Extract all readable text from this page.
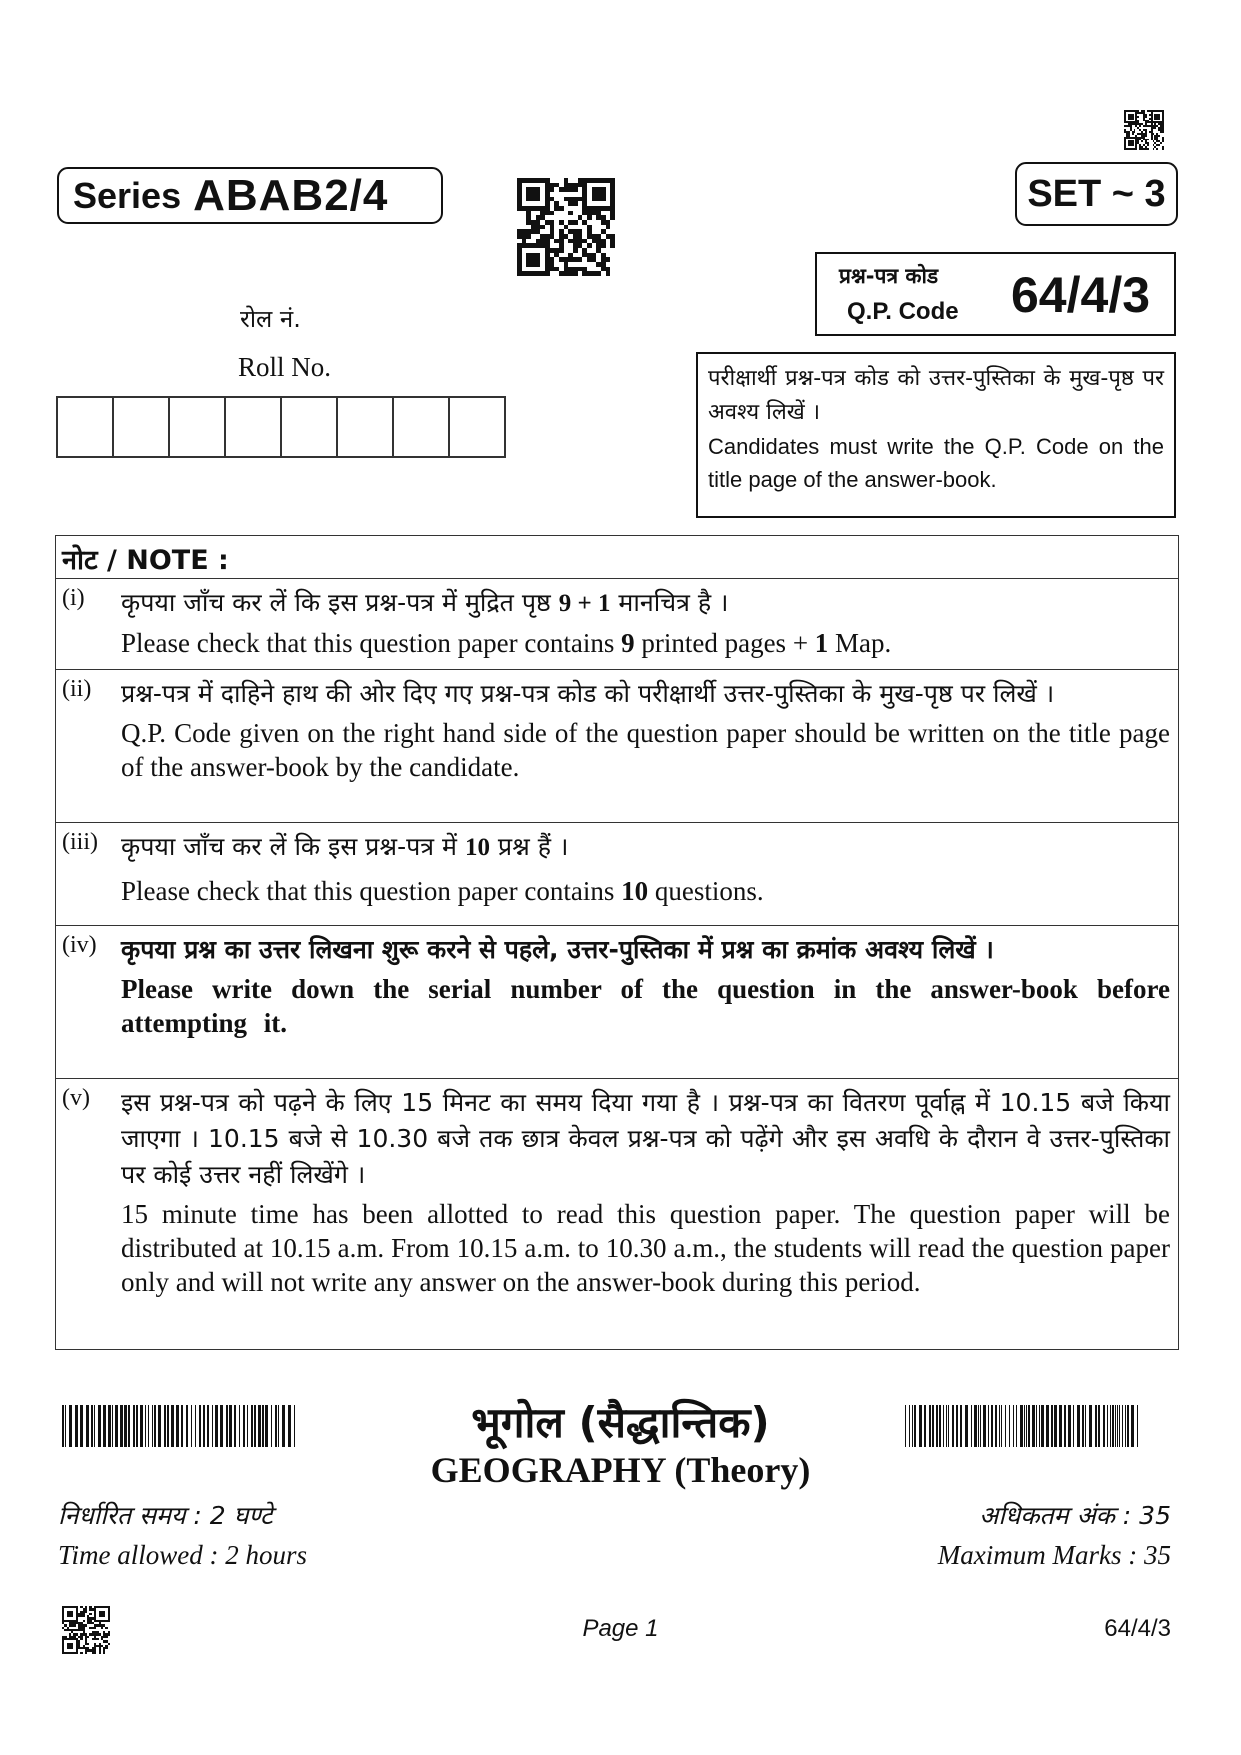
Series ABAB2/4	SET ~ 3
प्रश्न-पत्र कोड
Q.P. Code 64/4/3
रोल नं.
Roll No.	परीक्षार्थी प्रश्न-पत्र कोड को उत्तर-पुस्तिका के मुख-पृष्ठ पर अवश्य लिखें ।
Candidates must write the Q.P. Code on the title page of the answer-book.
नोट / NOTE :
(i) कृपया जाँच कर लें कि इस प्रश्न-पत्र में मुद्रित पृष्ठ 9 + 1 मानचित्र है ।
Please check that this question paper contains 9 printed pages + 1 Map.
(ii) प्रश्न-पत्र में दाहिने हाथ की ओर दिए गए प्रश्न-पत्र कोड को परीक्षार्थी उत्तर-पुस्तिका के मुख-पृष्ठ पर लिखें ।
Q.P. Code given on the right hand side of the question paper should be written on the title page of the answer-book by the candidate.
(iii) कृपया जाँच कर लें कि इस प्रश्न-पत्र में 10 प्रश्न हैं ।
Please check that this question paper contains 10 questions.
(iv) कृपया प्रश्न का उत्तर लिखना शुरू करने से पहले, उत्तर-पुस्तिका में प्रश्न का क्रमांक अवश्य लिखें ।
Please write down the serial number of the question in the answer-book before attempting it.
(v) इस प्रश्न-पत्र को पढ़ने के लिए 15 मिनट का समय दिया गया है । प्रश्न-पत्र का वितरण पूर्वाह्न में 10.15 बजे किया जाएगा । 10.15 बजे से 10.30 बजे तक छात्र केवल प्रश्न-पत्र को पढ़ेंगे और इस अवधि के दौरान वे उत्तर-पुस्तिका पर कोई उत्तर नहीं लिखेंगे ।
15 minute time has been allotted to read this question paper. The question paper will be distributed at 10.15 a.m. From 10.15 a.m. to 10.30 a.m., the students will read the question paper only and will not write any answer on the answer-book during this period.
भूगोल (सैद्धान्तिक)
GEOGRAPHY (Theory)
निर्धारित समय : 2 घण्टे
Time allowed : 2 hours
अधिकतम अंक : 35
Maximum Marks : 35
Page 1	64/4/3
